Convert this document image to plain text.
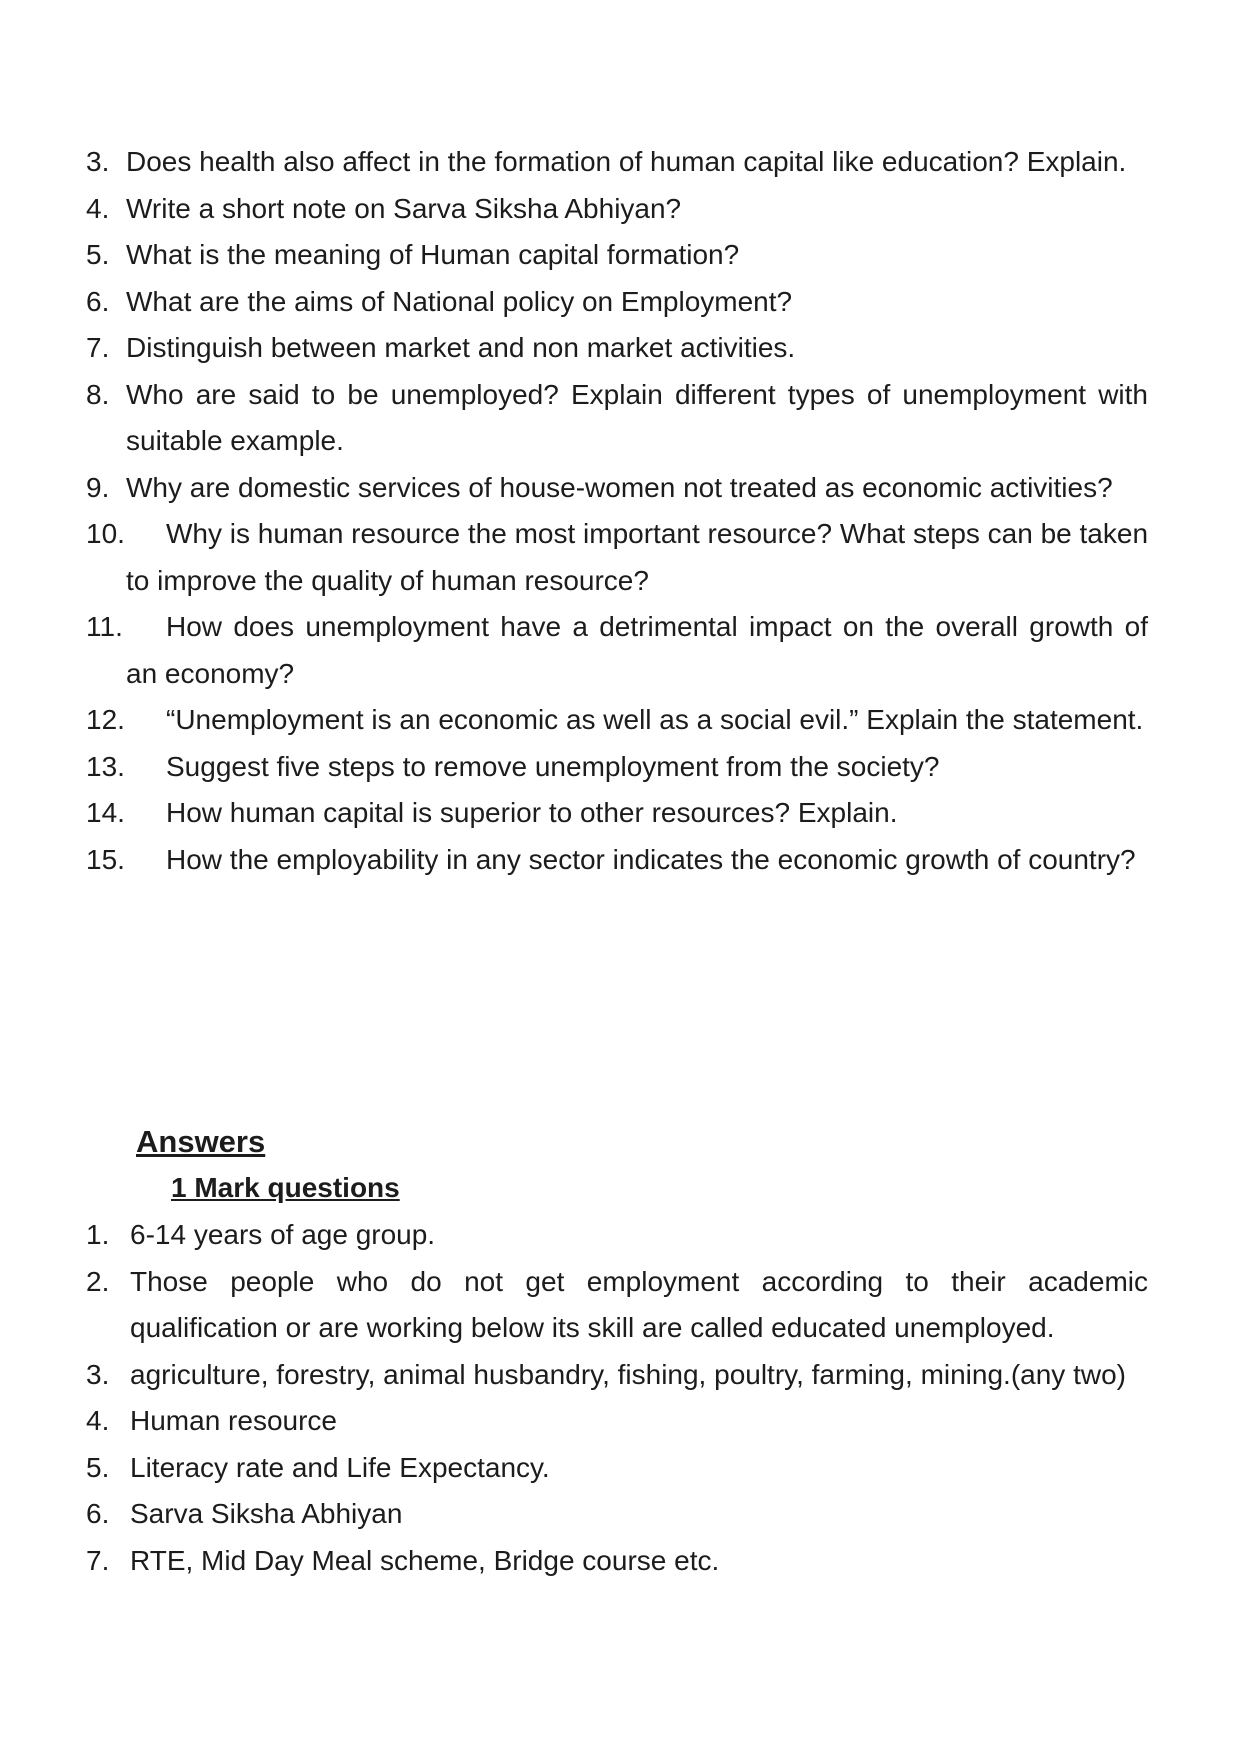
3. Does health also affect in the formation of human capital like education? Explain.
4. Write a short note on Sarva Siksha Abhiyan?
5. What is the meaning of Human capital formation?
6. What are the aims of National policy on Employment?
7. Distinguish between market and non market activities.
8. Who are said to be unemployed? Explain different types of unemployment with suitable example.
9. Why are domestic services of house-women not treated as economic activities?
10.	Why is human resource the most important resource? What steps can be taken to improve the quality of human resource?
11.	How does unemployment have a detrimental impact on the overall growth of an economy?
12.	“Unemployment is an economic as well as a social evil.” Explain the statement.
13.	Suggest five steps to remove unemployment from the society?
14.	How human capital is superior to other resources? Explain.
15.	How the employability in any sector indicates the economic growth of country?
Answers
1 Mark questions
1. 6-14 years of age group.
2. Those people who do not get employment according to their academic qualification or are working below its skill are called educated unemployed.
3. agriculture, forestry, animal husbandry, fishing, poultry, farming, mining.(any two)
4. Human resource
5. Literacy rate and Life Expectancy.
6. Sarva Siksha Abhiyan
7. RTE, Mid Day Meal scheme, Bridge course etc.
